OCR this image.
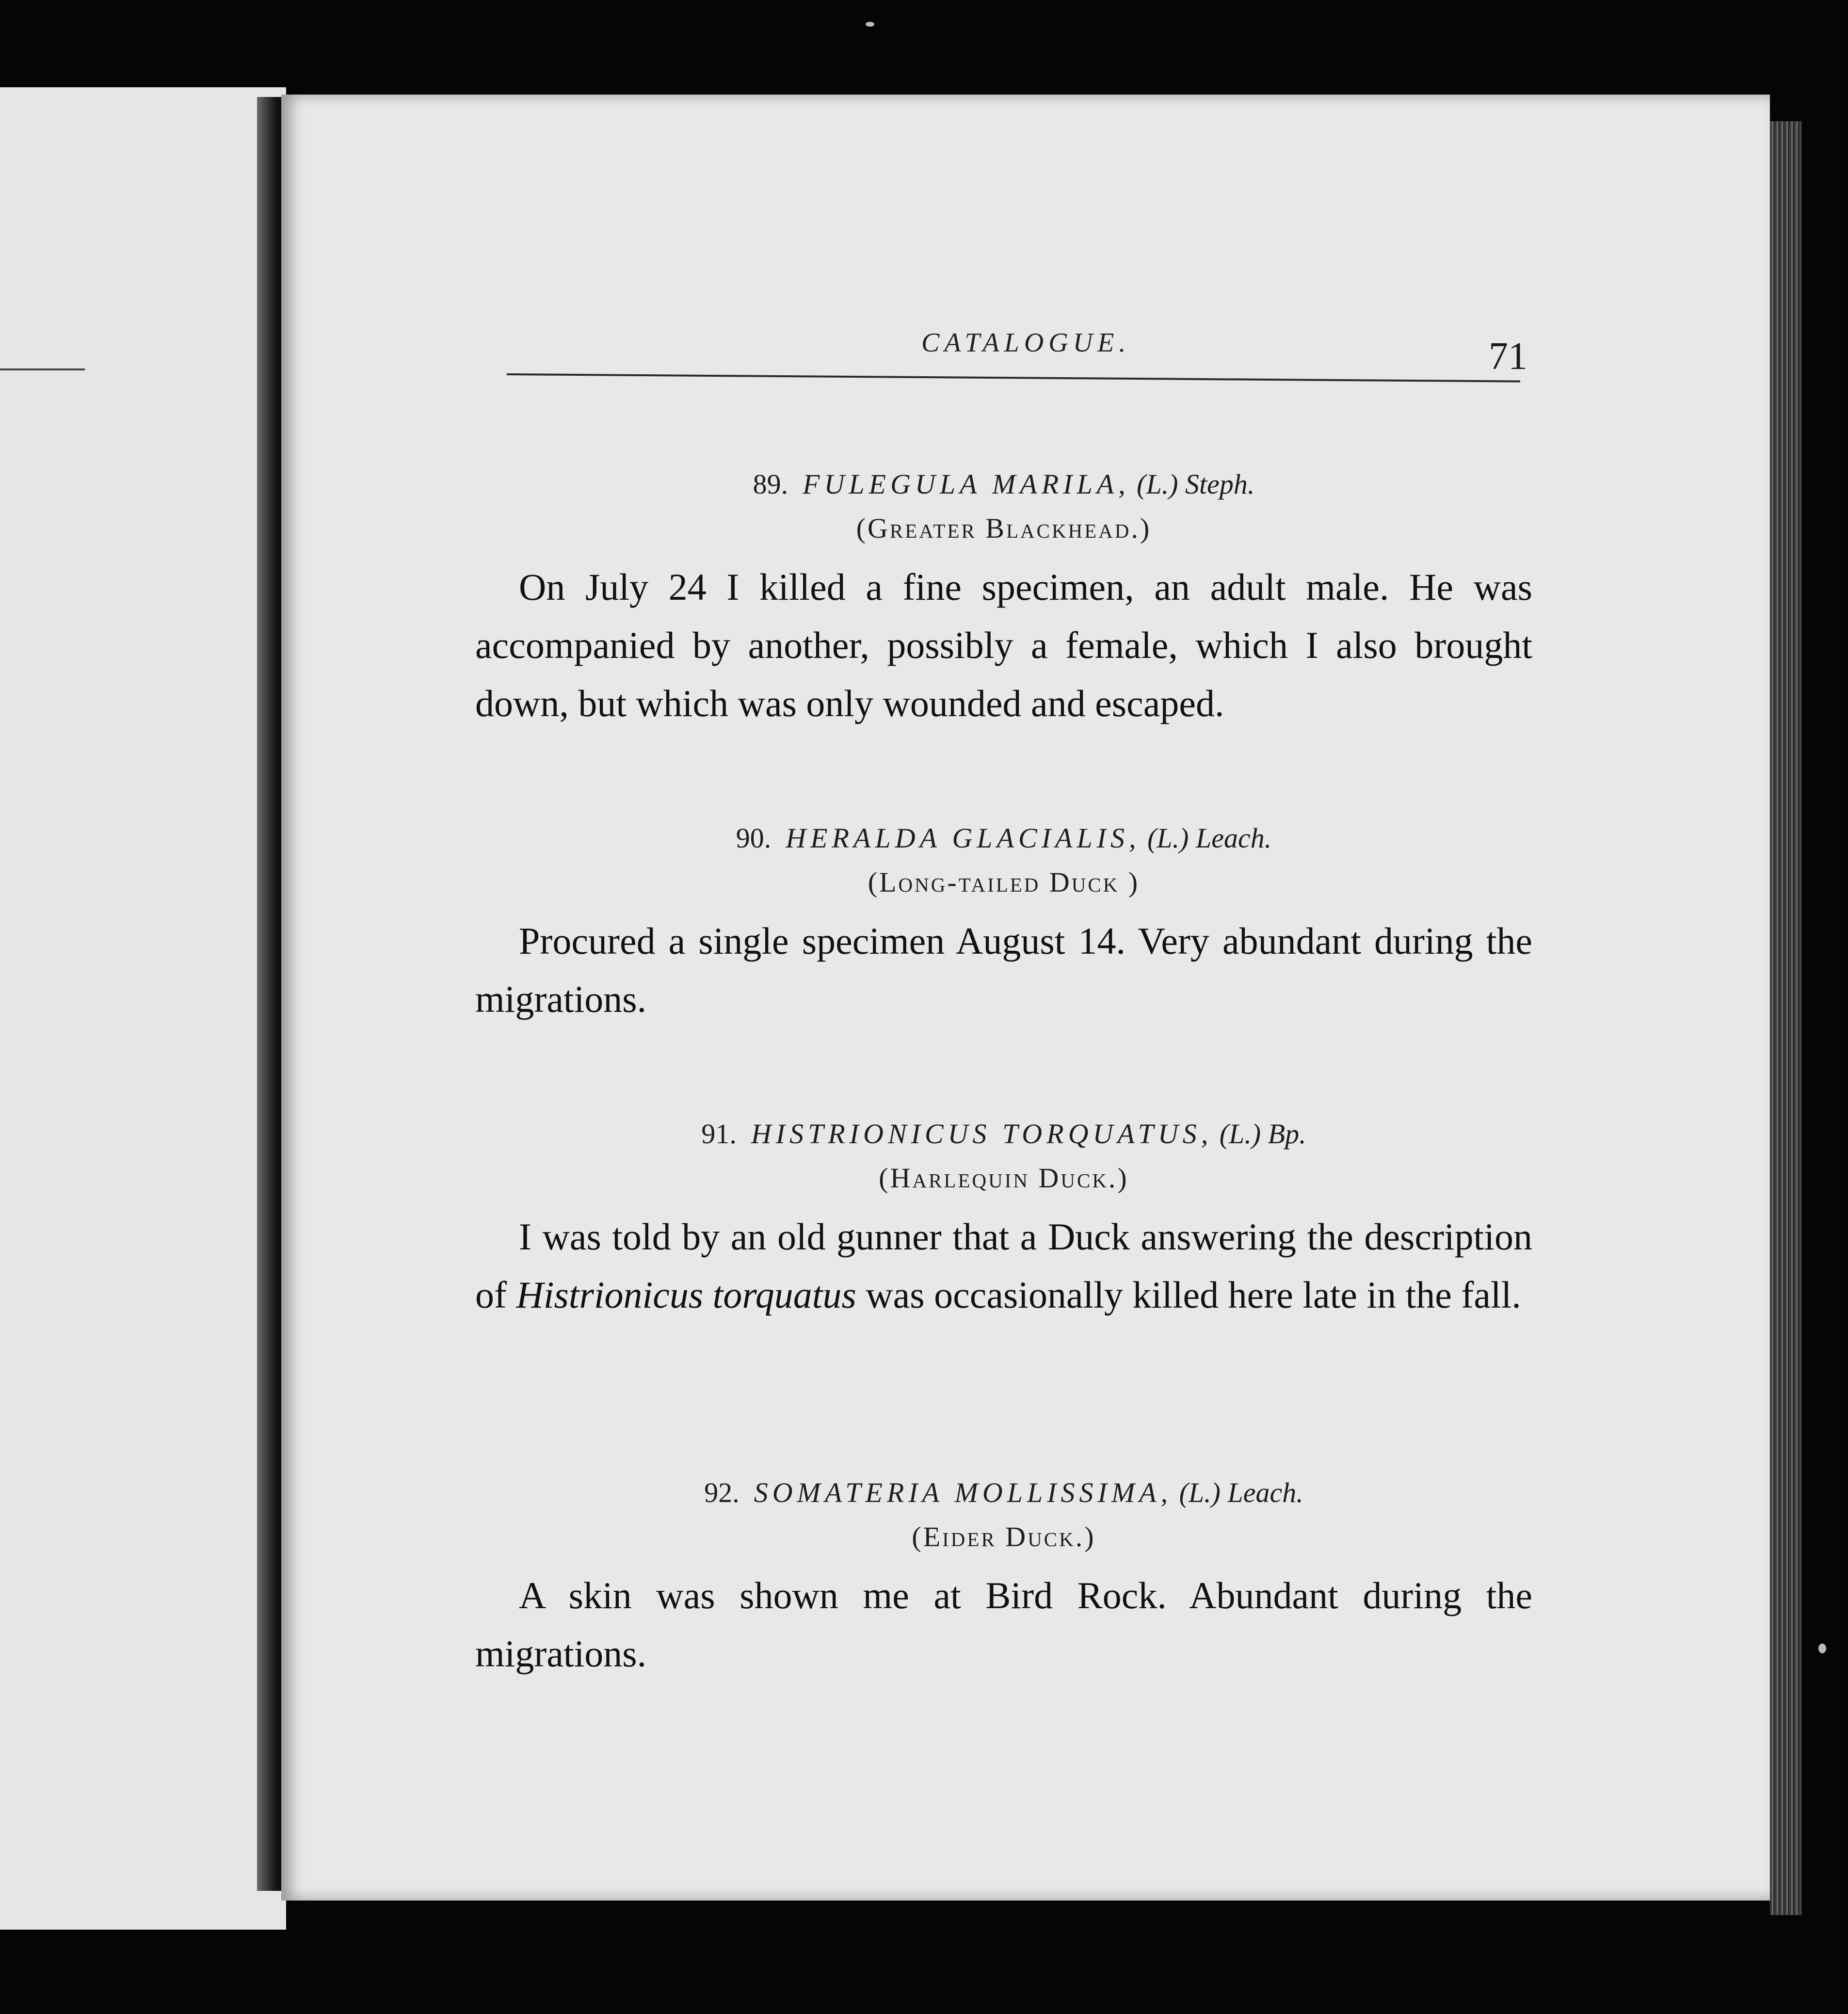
CATALOGUE.	71
89. FULEGULA MARILA, (L.) Steph.
(Greater Blackhead.)
On July 24 I killed a fine specimen, an adult male. He was accompanied by another, possibly a female, which I also brought down, but which was only wounded and escaped.
90. HERALDA GLACIALIS, (L.) Leach.
(Long-tailed Duck )
Procured a single specimen August 14. Very abundant during the migrations.
91. HISTRIONICUS TORQUATUS, (L.) Bp.
(Harlequin Duck.)
I was told by an old gunner that a Duck answering the description of Histrionicus torquatus was occasionally killed here late in the fall.
92. SOMATERIA MOLLISSIMA, (L.) Leach.
(Eider Duck.)
A skin was shown me at Bird Rock. Abundant during the migrations.
